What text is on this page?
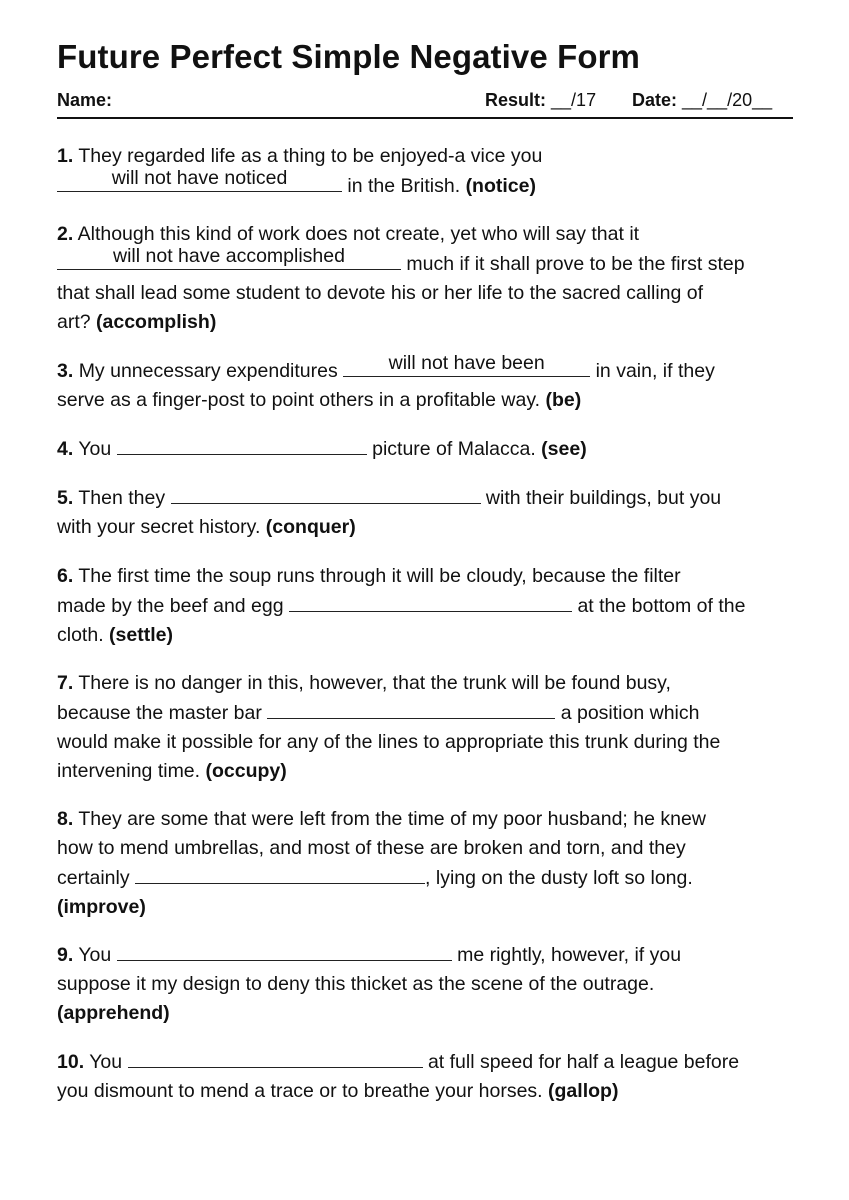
Future Perfect Simple Negative Form
Name:	Result: __/17 Date: __/__/20__
1. They regarded life as a thing to be enjoyed-a vice you
will not have noticed	in the British. (notice)
2. Although this kind of work does not create, yet who will say that it
will not have accomplished	much if it shall prove to be the first step
that shall lead some student to devote his or her life to the sacred calling of
art? (accomplish)
3. My unnecessary expenditures	will not have been	in vain, if they
serve as a finger-post to point others in a profitable way. (be)
4. You	picture of Malacca. (see)
5. Then they	with their buildings, but you
with your secret history. (conquer)
6. The first time the soup runs through it will be cloudy, because the filter
made by the beef and egg	at the bottom of the
cloth. (settle)
7. There is no danger in this, however, that the trunk will be found busy,
because the master bar	a position which
would make it possible for any of the lines to appropriate this trunk during the
intervening time. (occupy)
8. They are some that were left from the time of my poor husband; he knew
how to mend umbrellas, and most of these are broken and torn, and they
certainly	, lying on the dusty loft so long.
(improve)
9. You	me rightly, however, if you
suppose it my design to deny this thicket as the scene of the outrage.
(apprehend)
10. You	at full speed for half a league before
you dismount to mend a trace or to breathe your horses. (gallop)
